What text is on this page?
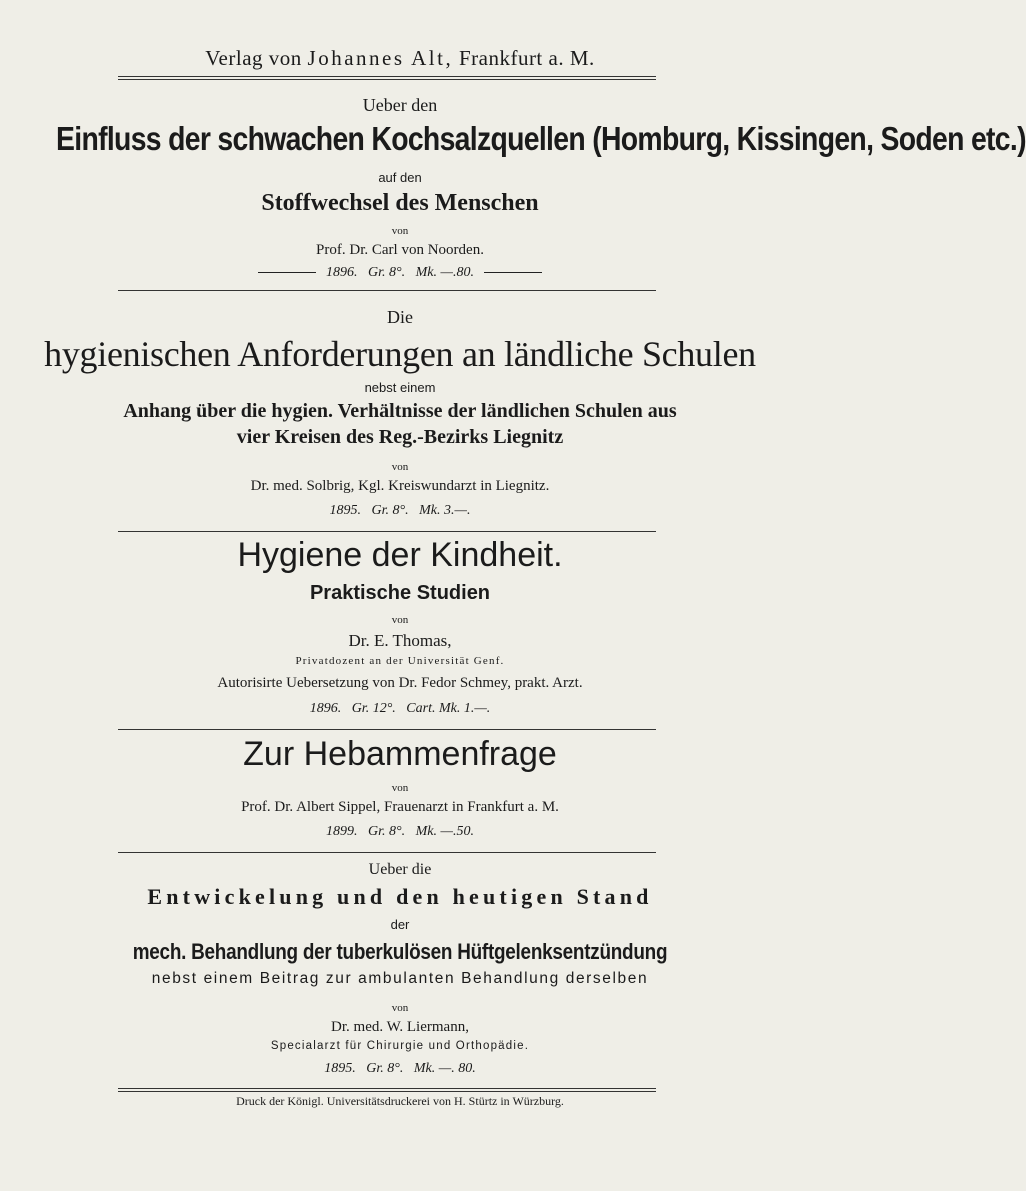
Verlag von Johannes Alt, Frankfurt a. M.
Ueber den
Einfluss der schwachen Kochsalzquellen (Homburg, Kissingen, Soden etc.)
auf den
Stoffwechsel des Menschen
von
Prof. Dr. Carl von Noorden.
1896.   Gr. 8°.   Mk. —.80.
Die
hygienischen Anforderungen an ländliche Schulen
nebst einem
Anhang über die hygien. Verhältnisse der ländlichen Schulen aus
vier Kreisen des Reg.-Bezirks Liegnitz
von
Dr. med. Solbrig, Kgl. Kreiswundarzt in Liegnitz.
1895.   Gr. 8°.   Mk. 3.—.
Hygiene der Kindheit.
Praktische Studien
von
Dr. E. Thomas,
Privatdozent an der Universität Genf.
Autorisirte Uebersetzung von Dr. Fedor Schmey, prakt. Arzt.
1896.   Gr. 12°.   Cart. Mk. 1.—.
Zur Hebammenfrage
von
Prof. Dr. Albert Sippel, Frauenarzt in Frankfurt a. M.
1899.   Gr. 8°.   Mk. —.50.
Ueber die
Entwickelung und den heutigen Stand
der
mech. Behandlung der tuberkulösen Hüftgelenksentzündung
nebst einem Beitrag zur ambulanten Behandlung derselben
von
Dr. med. W. Liermann,
Specialarzt für Chirurgie und Orthopädie.
1895.   Gr. 8°.   Mk. —. 80.
Druck der Königl. Universitätsdruckerei von H. Stürtz in Würzburg.
